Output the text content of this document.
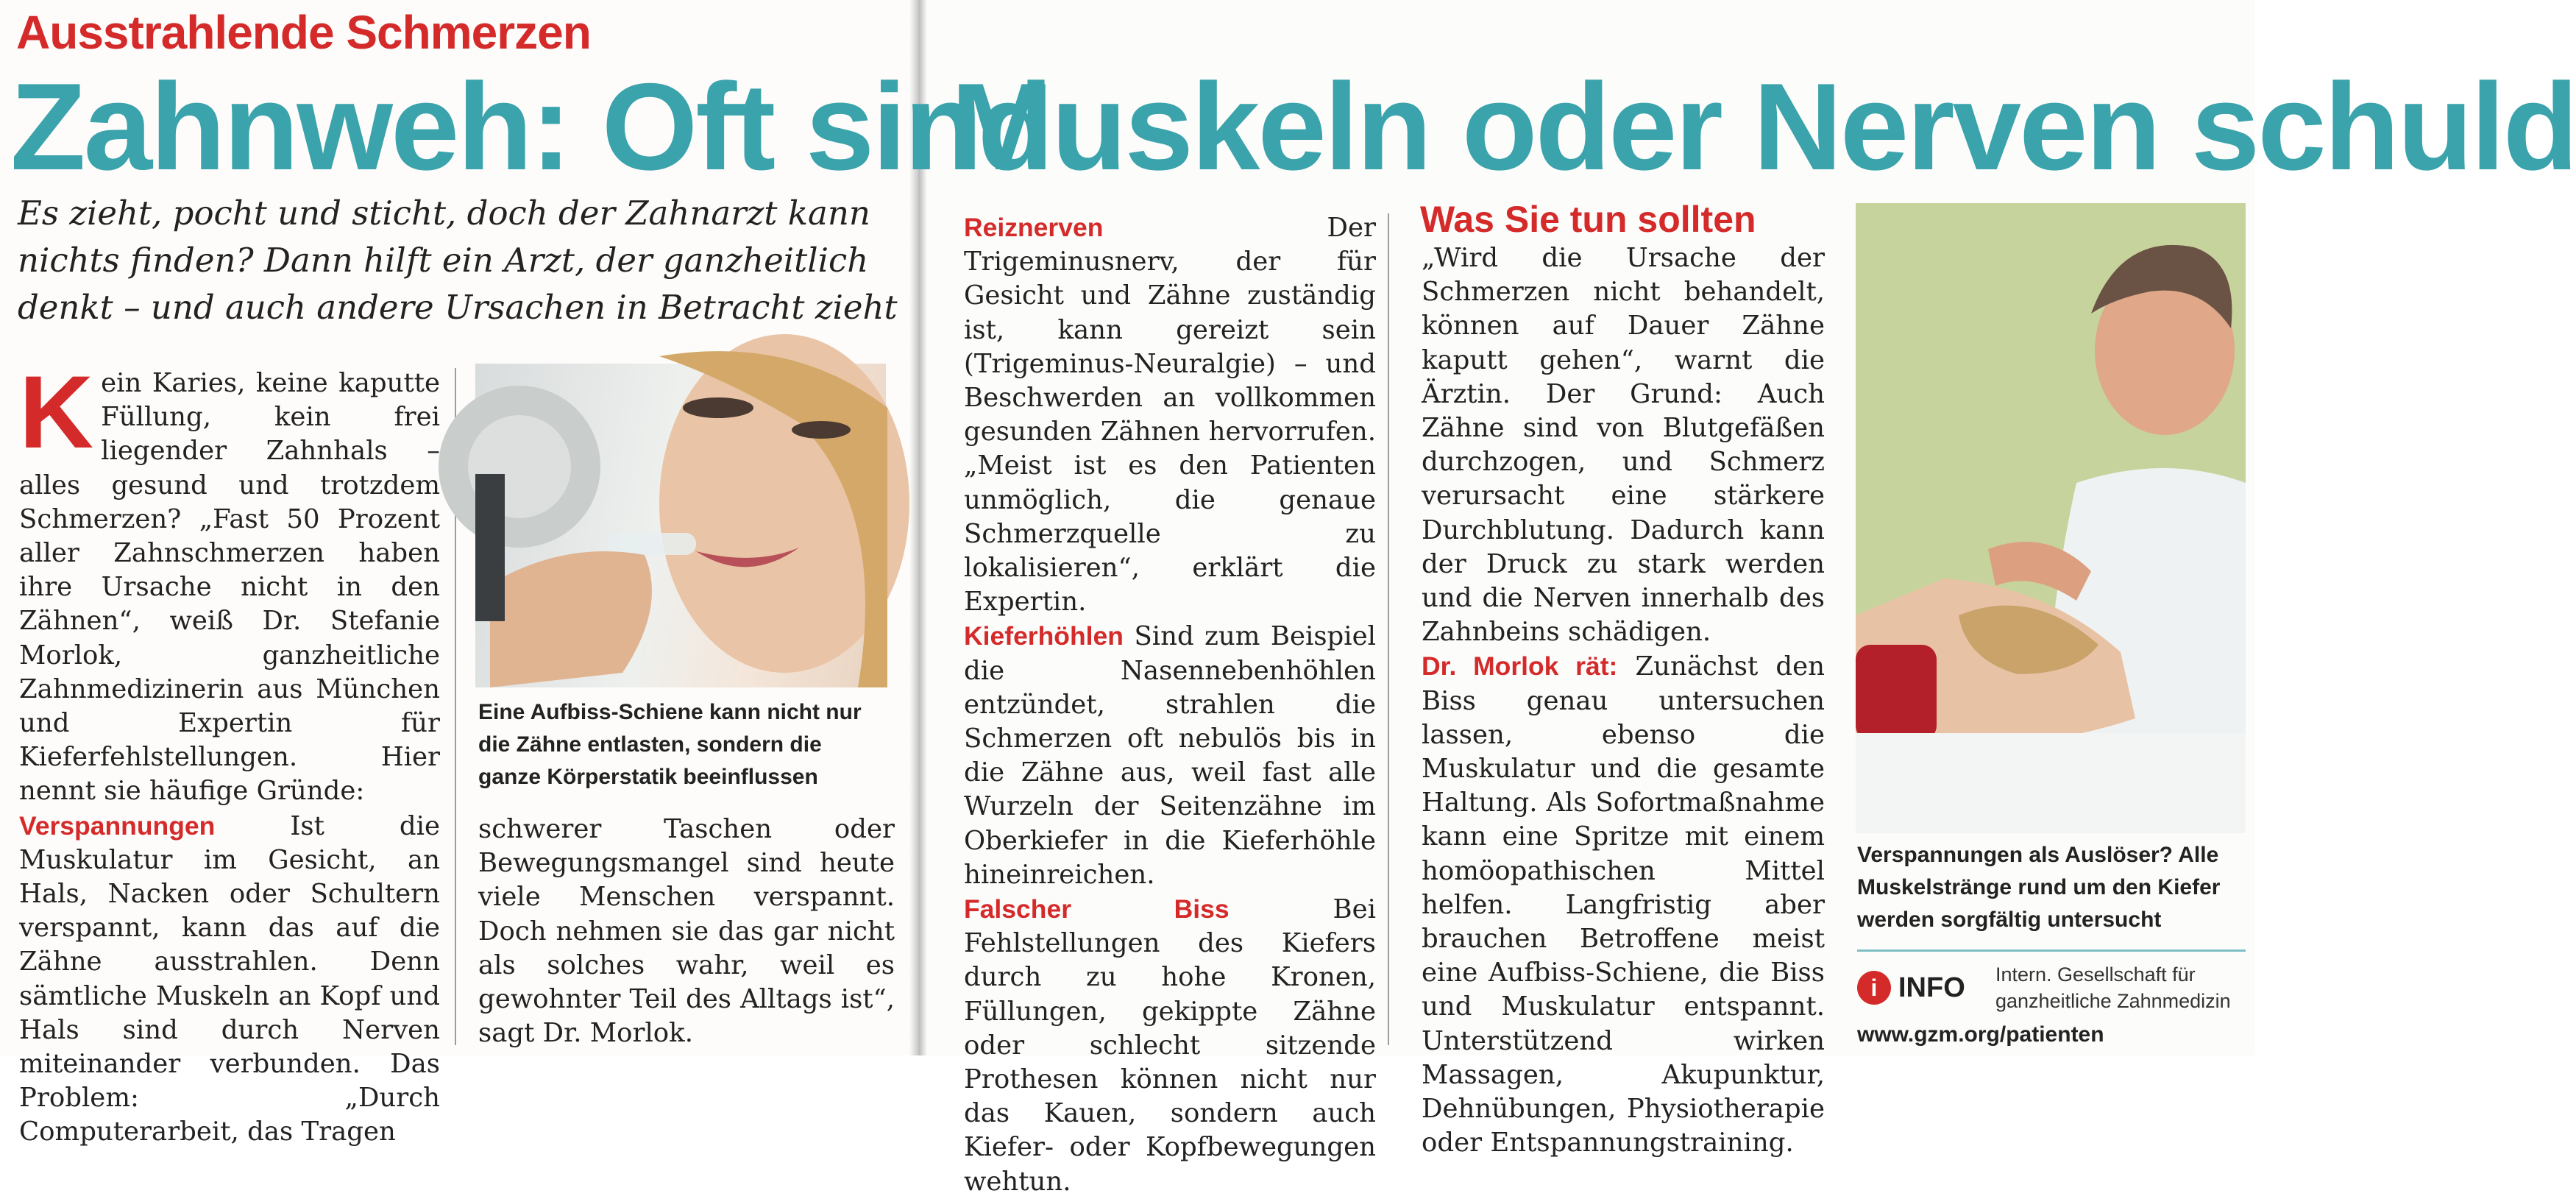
Ausstrahlende Schmerzen
Zahnweh: Oft sind
Muskeln oder Nerven schuld
Es zieht, pocht und sticht, doch der Zahnarzt kann nichts finden? Dann hilft ein Arzt, der ganzheitlich denkt – und auch andere Ursachen in Betracht zieht

K ein Karies, keine kaputte Füllung, kein frei liegender Zahnhals – alles gesund und trotzdem Schmerzen? „Fast 50 Prozent aller Zahnschmerzen haben ihre Ursache nicht in den Zähnen“, weiß Dr. Stefanie Morlok, ganzheitliche Zahnmedizinerin aus München und Expertin für Kieferfehlstellungen. Hier nennt sie häufige Gründe:

Verspannungen	Ist die Muskulatur im Gesicht, an Hals, Nacken oder Schultern verspannt, kann das auf die Zähne ausstrahlen. Denn sämtliche Muskeln an Kopf und Hals sind durch Nerven miteinander verbunden. Das Problem: „Durch Computerarbeit, das Tragen

Eine Aufbiss-Schiene kann nicht nur die Zähne entlasten, sondern die ganze Körperstatik beeinflussen

schwerer Taschen oder Bewegungsmangel sind heute viele Menschen verspannt. Doch nehmen sie das gar nicht als solches wahr, weil es gewohnter Teil des Alltags ist“, sagt Dr. Morlok.

Reiznerven	Der Trigeminusnerv, der für Gesicht und Zähne zuständig ist, kann gereizt sein (Trigeminus-Neuralgie) – und Beschwerden an vollkommen gesunden Zähnen hervorrufen. „Meist ist es den Patienten unmöglich, die genaue Schmerzquelle zu lokalisieren“, erklärt die Expertin.

Kieferhöhlen Sind zum Beispiel die Nasennebenhöhlen entzündet, strahlen die Schmerzen oft nebulös bis in die Zähne aus, weil fast alle Wurzeln der Seitenzähne im Oberkiefer in die Kieferhöhle hineinreichen.

Falscher Biss	Bei Fehlstellungen des Kiefers durch zu hohe Kronen, Füllungen, gekippte Zähne oder schlecht sitzende Prothesen können nicht nur das Kauen, sondern auch Kiefer- oder Kopfbewegungen wehtun.

Was Sie tun sollten

„Wird die Ursache der Schmerzen nicht behandelt, können auf Dauer Zähne kaputt gehen“, warnt die Ärztin. Der Grund: Auch Zähne sind von Blutgefäßen durchzogen, und Schmerz verursacht eine stärkere Durchblutung. Dadurch kann der Druck zu stark werden und die Nerven innerhalb des Zahnbeins schädigen.

Dr. Morlok rät: Zunächst den Biss genau untersuchen lassen, ebenso die Muskulatur und die gesamte Haltung. Als Sofortmaßnahme kann eine Spritze mit einem homöopathischen Mittel helfen. Langfristig aber brauchen Betroffene meist eine Aufbiss-Schiene, die Biss und Muskulatur entspannt. Unterstützend wirken Massagen, Akupunktur, Dehnübungen, Physiotherapie oder Entspannungstraining.

Verspannungen als Auslöser? Alle Muskelstränge rund um den Kiefer werden sorgfältig untersucht
i INFO Intern. Gesellschaft für ganzheitliche Zahnmedizin
www.gzm.org/patienten
